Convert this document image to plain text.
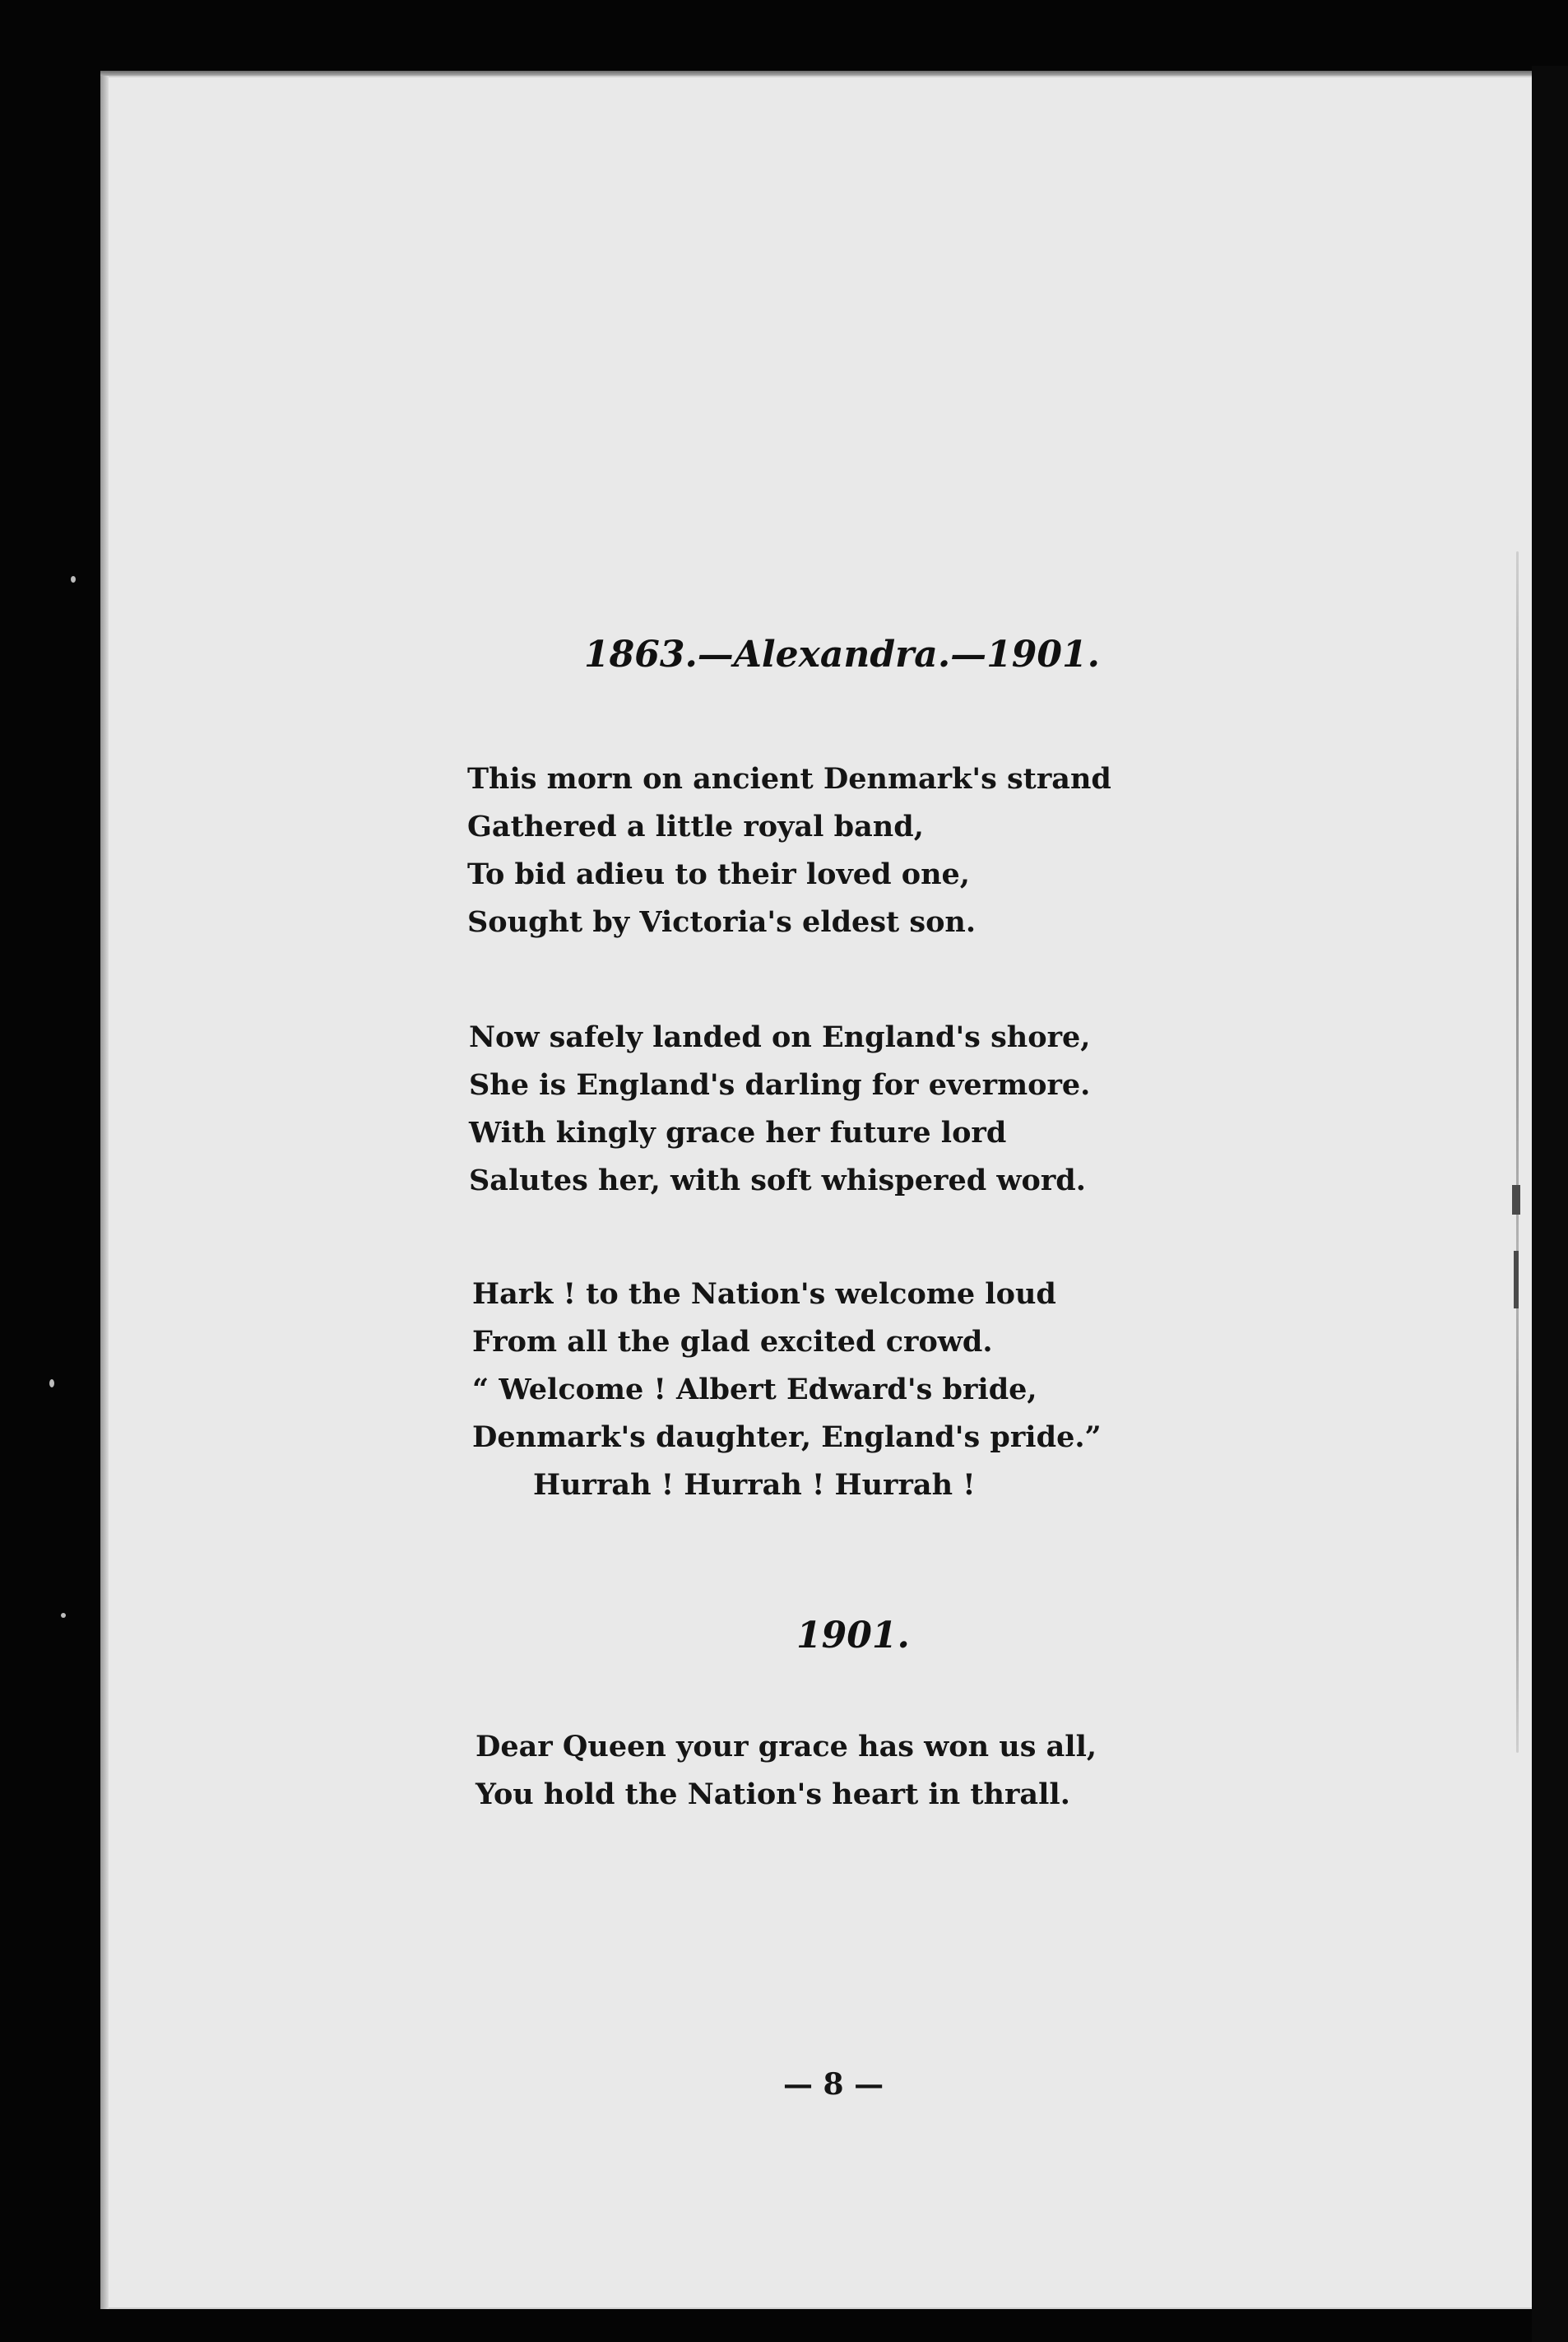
1863.—Alexandra.—1901.
This morn on ancient Denmark's strand
Gathered a little royal band,
To bid adieu to their loved one,
Sought by Victoria's eldest son.
Now safely landed on England's shore,
She is England's darling for evermore.
With kingly grace her future lord
Salutes her, with soft whispered word.
Hark ! to the Nation's welcome loud
From all the glad excited crowd.
“ Welcome ! Albert Edward's bride,
Denmark's daughter, England's pride.”
Hurrah ! Hurrah ! Hurrah !
1901.
Dear Queen your grace has won us all,
You hold the Nation's heart in thrall.
— 8 —
